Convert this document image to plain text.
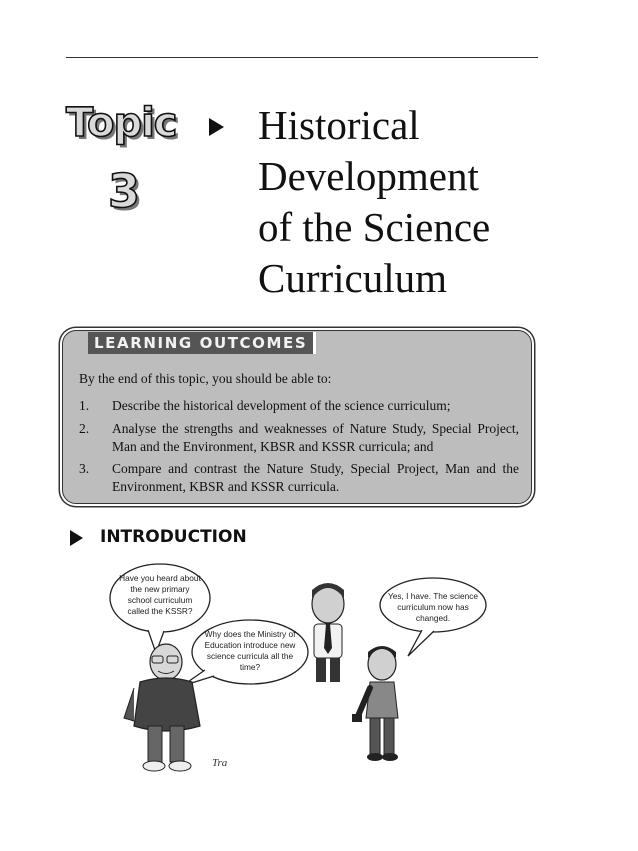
Topic
3
Historical
Development
of the Science
Curriculum
LEARNING OUTCOMES
By the end of this topic, you should be able to:
1. Describe the historical development of the science curriculum;
2. Analyse the strengths and weaknesses of Nature Study, Special Project, Man and the Environment, KBSR and KSSR curricula; and
3. Compare and contrast the Nature Study, Special Project, Man and the Environment, KBSR and KSSR curricula.
INTRODUCTION
Have you heard about
the new primary
school curriculum
called the KSSR?
Why does the Ministry of
Education introduce new
science curricula all the
time?
Yes, I have. The science
curriculum now has
changed.
Tra
